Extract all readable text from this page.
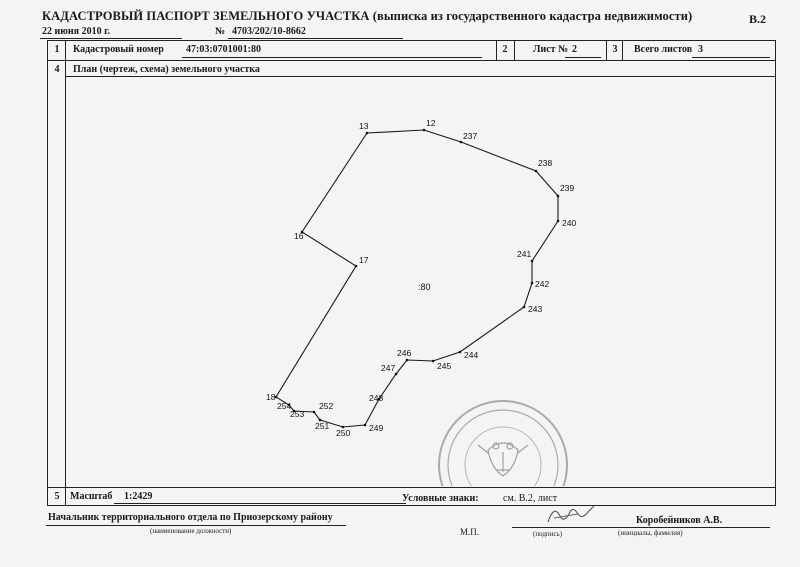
КАДАСТРОВЫЙ ПАСПОРТ ЗЕМЕЛЬНОГО УЧАСТКА (выписка из государственного кадастра недвижимости)	В.2
22 июня 2010 г.	№ 4703/202/10-8662
1	Кадастровый номер 47:03:0701001:80	2	Лист № 2	3	Всего листов 3
4	План (чертеж, схема) земельного участка
13	12
237
238
239
240
241
242
243
244
245
246
247
248
249
250
251
252
253
254
18
17
16
:80
5	Масштаб 1:2429	Условные знаки: см. В.2, лист
Начальник территориального отдела по Приозерскому району
(наименование должности)	М.П.	(подпись)
Коробейников А.В.
(инициалы, фамилия)
